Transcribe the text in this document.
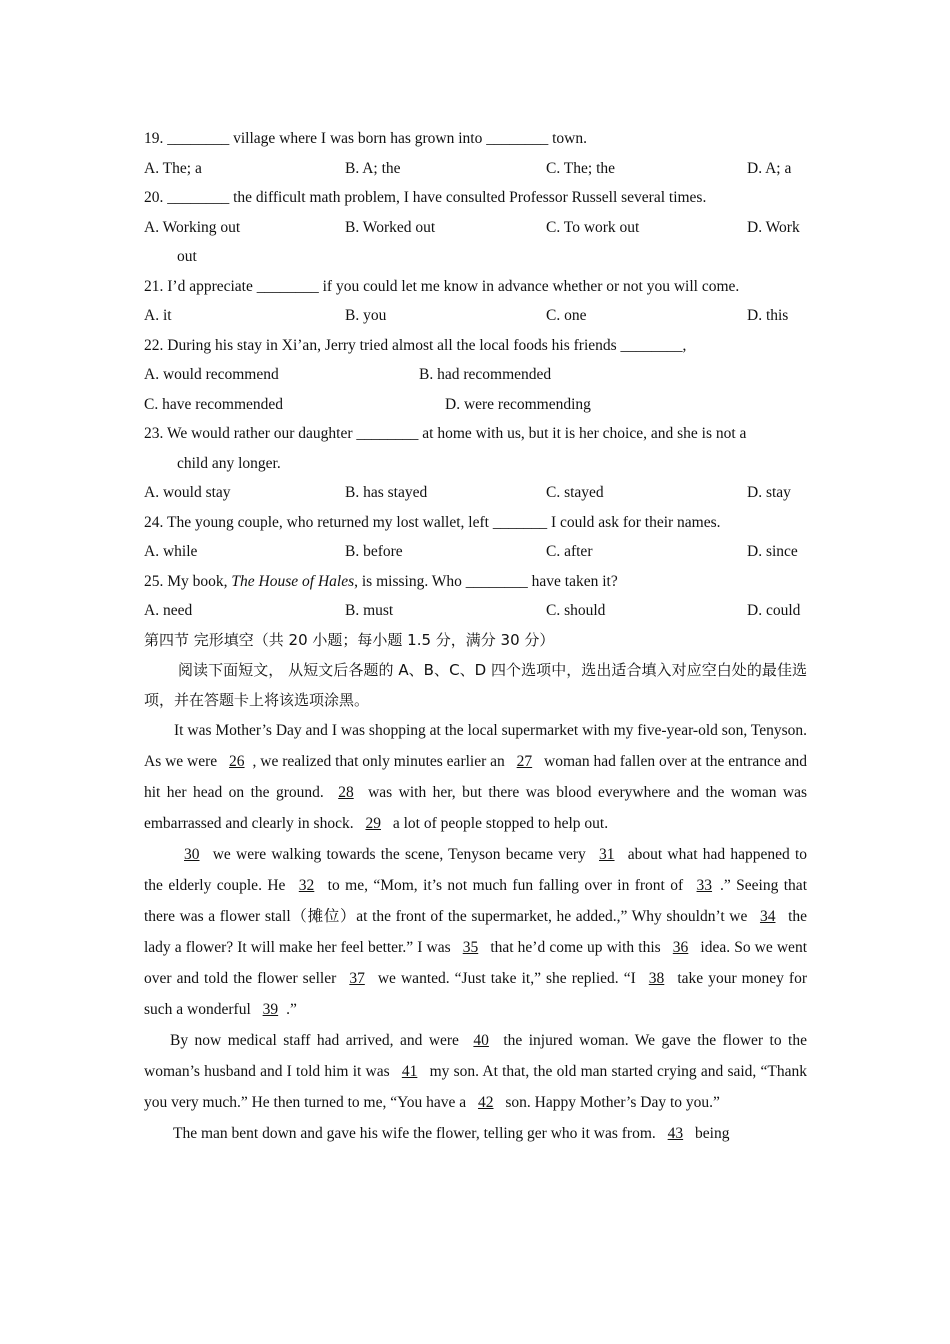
19. ________ village where I was born has grown into ________ town.
A. The; a	B. A; the	C. The; the	D. A; a
20. ________ the difficult math problem, I have consulted Professor Russell several times.
A. Working out	B. Worked out	C. To work out	D. Work
out
21. I’d appreciate ________ if you could let me know in advance whether or not you will come.
A. it	B. you	C. one	D. this
22. During his stay in Xi’an, Jerry tried almost all the local foods his friends ________,
A. would recommend	B. had recommended
C. have recommended	D. were recommending
23. We would rather our daughter ________ at home with us, but it is her choice, and she is not a
child any longer.
A. would stay	B. has stayed	C. stayed	D. stay
24. The young couple, who returned my lost wallet, left _______ I could ask for their names.
A. while	B. before	C. after	D. since
25. My book, The House of Hales, is missing. Who ________ have taken it?
A. need	B. must	C. should	D. could
第四节 完形填空（共 20 小题；每小题 1.5 分，满分 30 分）

阅读下面短文， 从短文后各题的 A、B、C、D 四个选项中，选出适合填入对应空白处的最佳选项，并在答题卡上将该选项涂黑。

It was Mother’s Day and I was shopping at the local supermarket with my five-year-old son, Tenyson. As we were 26 , we realized that only minutes earlier an 27 woman had fallen over at the entrance and hit her head on the ground. 28 was with her, but there was blood everywhere and the woman was embarrassed and clearly in shock. 29 a lot of people stopped to help out.

30 we were walking towards the scene, Tenyson became very 31 about what had happened to the elderly couple. He 32 to me, “Mom, it’s not much fun falling over in front of 33 .” Seeing that there was a flower stall（摊位）at the front of the supermarket, he added.,” Why shouldn’t we 34 the lady a flower? It will make her feel better.” I was 35 that he’d come up with this 36 idea. So we went over and told the flower seller 37 we wanted. “Just take it,” she replied. “I 38 take your money for such a wonderful 39 .”

By now medical staff had arrived, and were 40 the injured woman. We gave the flower to the woman’s husband and I told him it was 41 my son. At that, the old man started crying and said, “Thank you very much.” He then turned to me, “You have a 42 son. Happy Mother’s Day to you.”

The man bent down and gave his wife the flower, telling ger who it was from. 43 being
